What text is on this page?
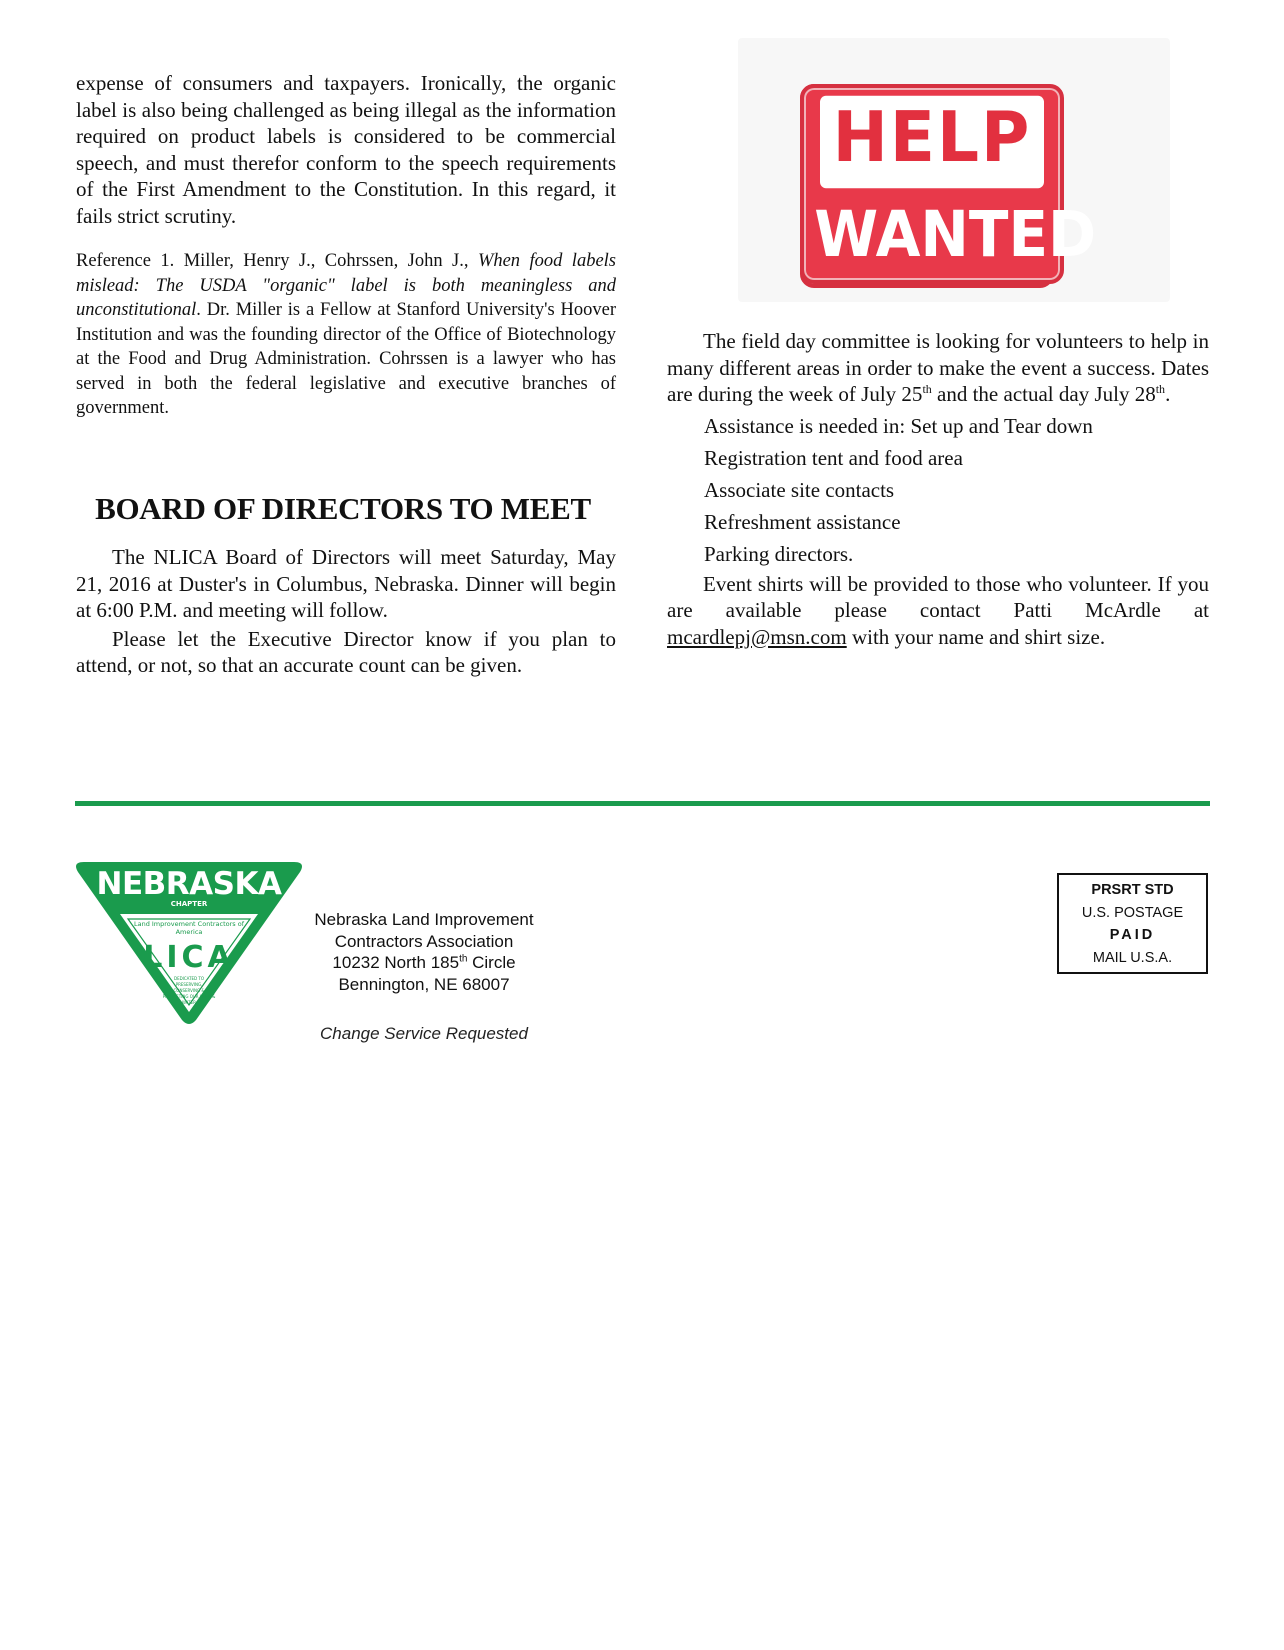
expense of consumers and taxpayers. Ironically, the organic label is also being challenged as being illegal as the information required on product labels is considered to be commercial speech, and must therefor conform to the speech requirements of the First Amendment to the Constitution. In this regard, it fails strict scrutiny.

Reference 1. Miller, Henry J., Cohrssen, John J., When food labels mislead: The USDA "organic" label is both meaningless and unconstitutional. Dr. Miller is a Fellow at Stanford University's Hoover Institution and was the founding director of the Office of Biotechnology at the Food and Drug Administration. Cohrssen is a lawyer who has served in both the federal legislative and executive branches of government.

BOARD OF DIRECTORS TO MEET

The NLICA Board of Directors will meet Saturday, May 21, 2016 at Duster's in Columbus, Nebraska. Dinner will begin at 6:00 P.M. and meeting will follow.

Please let the Executive Director know if you plan to attend, or not, so that an accurate count can be given.

HELP
WANTED

The field day committee is looking for volunteers to help in many different areas in order to make the event a success. Dates are during the week of July 25th and the actual day July 28th.

Assistance is needed in: Set up and Tear down
Registration tent and food area
Associate site contacts
Refreshment assistance
Parking directors.

Event shirts will be provided to those who volunteer. If you are available please contact Patti McArdle at mcardlepj@msn.com with your name and shirt size.

NEBRASKA
CHAPTER
Land Improvement Contractors of America
LICA
DEDICATED TO PRESERVING, CONSERVING & PROTECTING OUR LAND & WATER
Nebraska Land Improvement
Contractors Association
10232 North 185th Circle
Bennington, NE 68007
Change Service Requested
PRSRT STD
U.S. POSTAGE
PAID
MAIL U.S.A.
